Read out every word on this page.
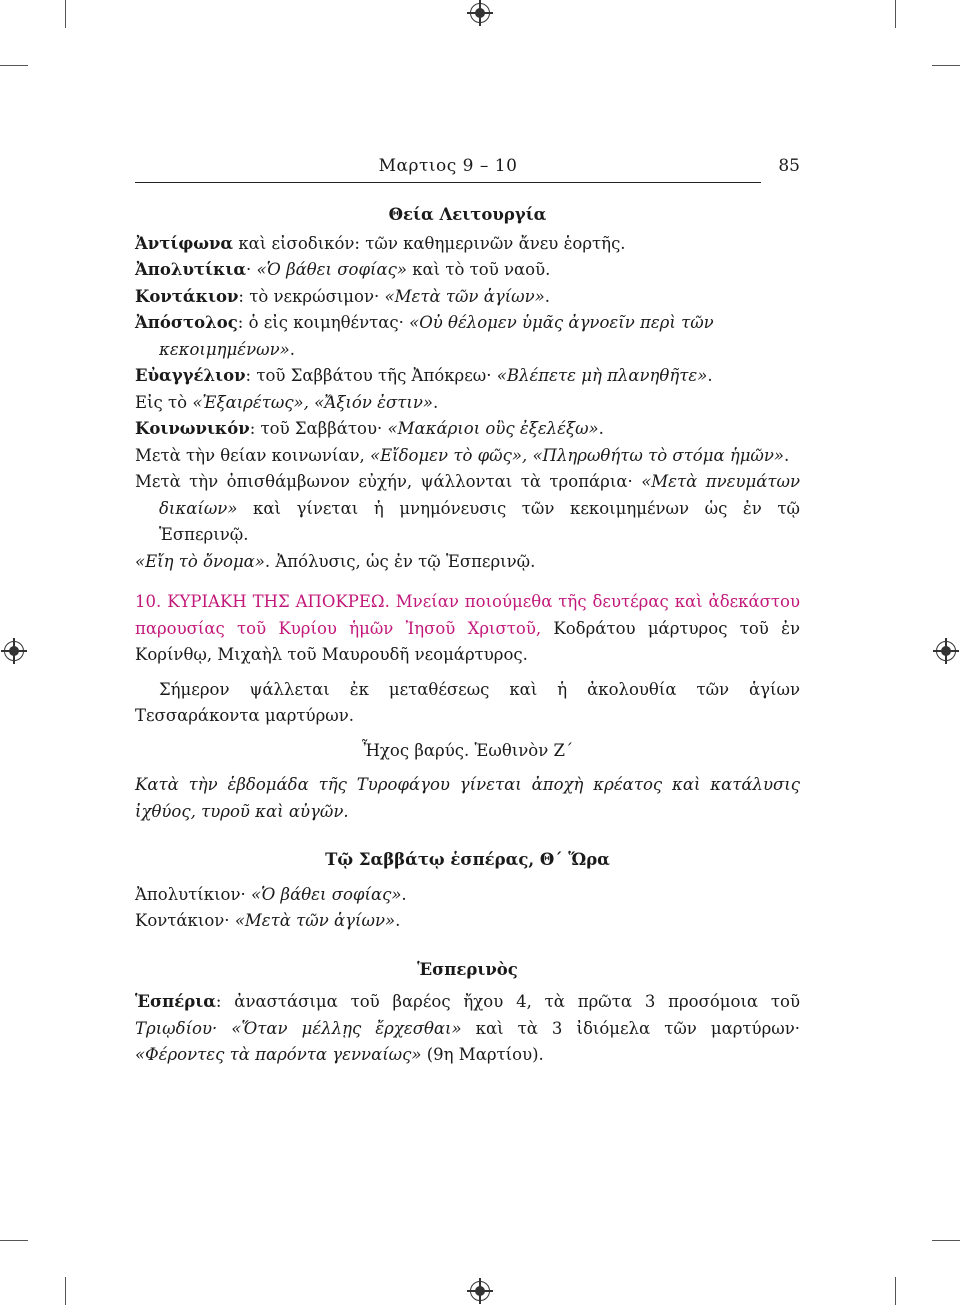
Μαρτιος 9 – 10	85
Θεία Λειτουργία

Ἀντίφωνα καὶ εἰσοδικόν: τῶν καθημερινῶν ἄνευ ἑορτῆς.

Ἀπολυτίκια· «Ὁ βάθει σοφίας» καὶ τὸ τοῦ ναοῦ.

Κοντάκιον: τὸ νεκρώσιμον· «Μετὰ τῶν ἁγίων».

Ἀπόστολος: ὁ εἰς κοιμηθέντας· «Οὐ θέλομεν ὑμᾶς ἀγνοεῖν περὶ τῶν κεκοιμημένων».

Εὐαγγέλιον: τοῦ Σαββάτου τῆς Ἀπόκρεω· «Βλέπετε μὴ πλανηθῆτε».

Εἰς τὸ «Ἐξαιρέτως», «Ἄξιόν ἐστιν».

Κοινωνικόν: τοῦ Σαββάτου· «Μακάριοι οὓς ἐξελέξω».

Μετὰ τὴν θείαν κοινωνίαν, «Εἴδομεν τὸ φῶς», «Πληρωθήτω τὸ στόμα ἡμῶν».

Μετὰ τὴν ὀπισθάμβωνον εὐχήν, ψάλλονται τὰ τροπάρια· «Μετὰ πνευμάτων δικαίων» καὶ γίνεται ἡ μνημόνευσις τῶν κεκοιμημένων ὡς ἐν τῷ Ἑσπερινῷ.

«Εἴη τὸ ὄνομα». Ἀπόλυσις, ὡς ἐν τῷ Ἑσπερινῷ.

10. ΚΥΡΙΑΚΗ ΤΗΣ ΑΠΟΚΡΕΩ. Μνείαν ποιούμεθα τῆς δευτέρας καὶ ἀδεκάστου παρουσίας τοῦ Κυρίου ἡμῶν Ἰησοῦ Χριστοῦ, Κοδράτου μάρτυρος τοῦ ἐν Κορίνθῳ, Μιχαὴλ τοῦ Μαυρουδῆ νεομάρτυρος.

Σήμερον ψάλλεται ἐκ μεταθέσεως καὶ ἡ ἀκολουθία τῶν ἁγίων Τεσσαράκοντα μαρτύρων.

Ἦχος βαρύς. Ἑωθινὸν Ζ´

Κατὰ τὴν ἑβδομάδα τῆς Τυροφάγου γίνεται ἀποχὴ κρέατος καὶ κατάλυσις ἰχθύος, τυροῦ καὶ αὐγῶν.

Τῷ Σαββάτῳ ἑσπέρας, Θ´ Ὥρα

Ἀπολυτίκιον· «Ὁ βάθει σοφίας».

Κοντάκιον· «Μετὰ τῶν ἁγίων».

Ἑσπερινὸς

Ἑσπέρια: ἀναστάσιμα τοῦ βαρέος ἤχου 4, τὰ πρῶτα 3 προσόμοια τοῦ Τριῳδίου· «Ὅταν μέλλῃς ἔρχεσθαι» καὶ τὰ 3 ἰδιόμελα τῶν μαρτύρων· «Φέροντες τὰ παρόντα γενναίως» (9η Μαρτίου).
